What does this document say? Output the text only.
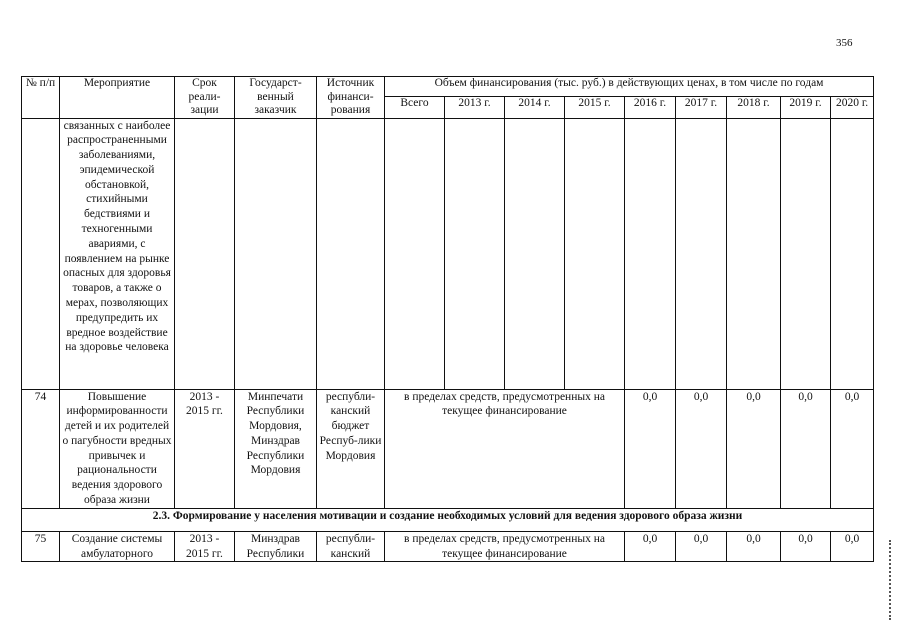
356
№ п/п	Мероприятие	Срок реали-зации	Государст-венный заказчик	Источник финанси-рования	Объем финансирования (тыс. руб.) в действующих ценах, в том числе по годам								
					Всего	2013 г.	2014 г.	2015 г.	2016 г.	2017 г.	2018 г.	2019 г.	2020 г.
	связанных с наиболее распространенными заболеваниями, эпидемической обстановкой, стихийными бедствиями и техногенными авариями, с появлением на рынке опасных для здоровья товаров, а также о мерах, позволяющих предупредить их вредное воздействие на здоровье человека												
74	Повышение информированности детей и их родителей о пагубности вредных привычек и рациональности ведения здорового образа жизни	2013 - 2015 гг.	Минпечати Республики Мордовия, Минздрав Республики Мордовия	республи-канский бюджет Респуб-лики Мордовия	в пределах средств, предусмотренных на текущее финансирование				0,0	0,0	0,0	0,0	0,0
2.3. Формирование у населения мотивации и создание необходимых условий для ведения здорового образа жизни													
75	Создание системы амбулаторного	2013 - 2015 гг.	Минздрав Республики	республи-канский	в пределах средств, предусмотренных на текущее финансирование				0,0	0,0	0,0	0,0	0,0
